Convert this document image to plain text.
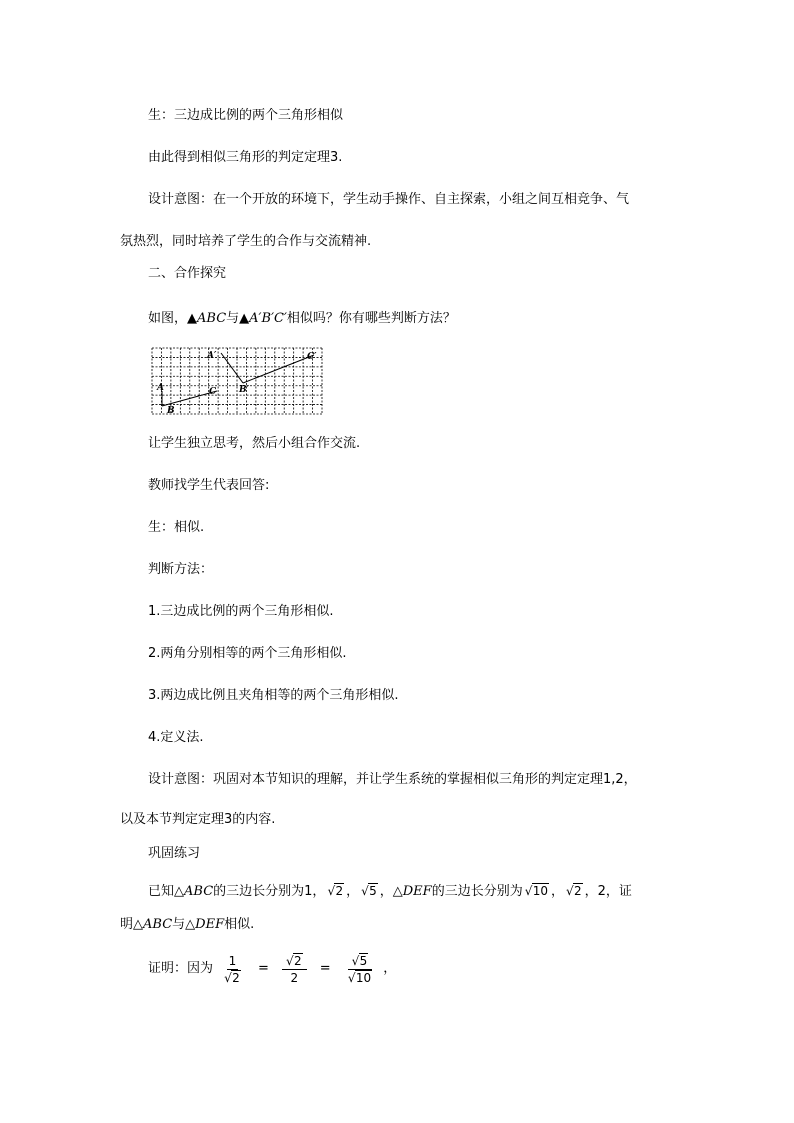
生：三边成比例的两个三角形相似
由此得到相似三角形的判定定理3.
设计意图：在一个开放的环境下，学生动手操作、自主探索，小组之间互相竞争、气
氛热烈，同时培养了学生的合作与交流精神.
二、合作探究
如图，▲ABC与▲A′B′C′相似吗？你有哪些判断方法？
A
B
C
A′
B′
C′
让学生独立思考，然后小组合作交流.
教师找学生代表回答:
生：相似.
判断方法：
1.三边成比例的两个三角形相似.
2.两角分别相等的两个三角形相似.
3.两边成比例且夹角相等的两个三角形相似.
4.定义法.
设计意图：巩固对本节知识的理解，并让学生系统的掌握相似三角形的判定定理1,2，
以及本节判定定理3的内容.
巩固练习
已知△ABC的三边长分别为1， √ 2 ， √ 5 ，△DEF的三边长分别为 √ 10 ， √ 2 ，2，证
明△ABC与△DEF相似.
证明：因为 $\frac{1}{√ 2} = \frac{√ 2}{2} = \frac{√ 5}{√ 10}$ ，
